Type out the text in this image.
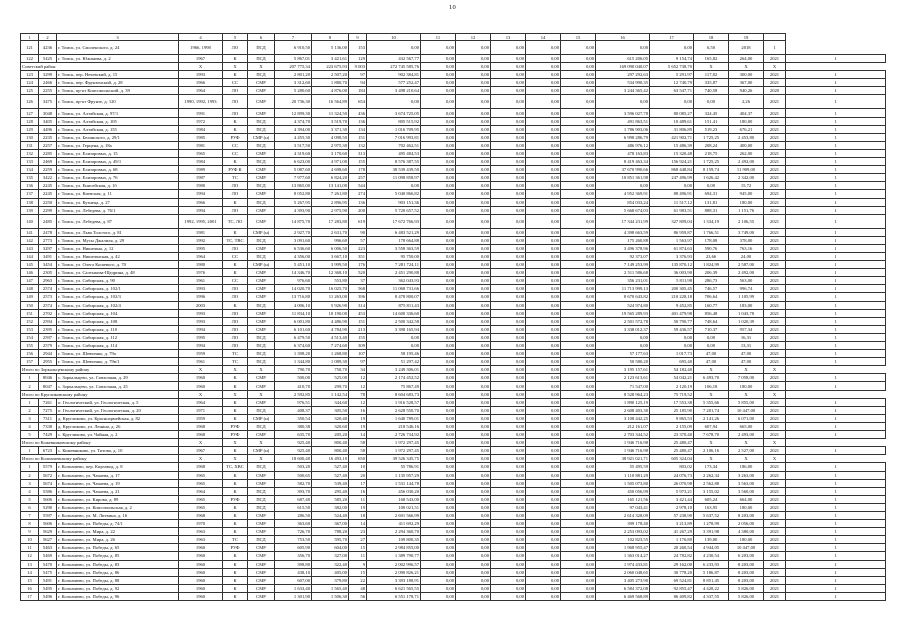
10
1	2	3	4	5	6	7	8	9	10	11	12	13	14	15	16	17	18	19		
121	4236	г. Томск, ул. Смоленского, д. 24	1966, 1998	ЛО	ПСД	6 910,50	5 136,00	153	0,00	0,00	0,00	0,00	0,00	0,00	0,00	0,00	6,50	2018	1	
122	5425	г. Томск, ул. Южанова, д. 2	1967	К	ПСД	5 867,01	3 421,61	129	432 567,77	0,00	0,00	0,00	0,00	0,00	615 206,05	9 154,74	165,82	264,00	2021	1
Советский район			Х	Х	Х	207 775,34	223 675,93	9 003	272 745 585,76	0,00	0,00	0,00	0,00	0,00	169 090 040,07	5 652 738,70	Х	Х	Х	
123	3299	г. Томск, пер. Нечевский, д. 15	1993	К	ПСД	2 801,20	2 507,20	97	902 384,81	0,00	0,00	0,00	0,00	0,00	297 292,63	5 291,97	117,82	300,00	2021	1
124	2466	г. Томск, пер. Фрунзенский, д. 28	1966	СС	СМР	3 312,60	1 880,70	94	577 252,47	0,00	0,00	0,00	0,00	0,00	534 990,35	12 740,79	335,87	367,00	2021	1
125	2255	г. Томск, пр-кт Комсомольский, д. 39	1964	ЛО	СМР	5 280,60	4 876,00	184	3 498 210,64	0,00	0,00	0,00	0,00	0,00	3 244 365,42	63 547,71	740,58	940,26	2020	1
126	3475	г. Томск, пр-кт Фрунзе, д. 120	1990, 1992, 1993	ЛО	СМР	20 736,30	16 564,89	654	0,00	0,00	0,00	0,00	0,00	0,00	0,00	0,00	0,00	2,26	2021	1
127	3048	г. Томск, ул. Алтайская, д. 97/1	1991	ЛО	СМР	12 899,30	11 324,50	436	3 674 725,05	0,00	0,00	0,00	0,00	0,00	3 596 027,78	80 085,27	324,45	404,37	2021	1
128	3405	г. Томск, ул. Алтайская, д. 105	1972	К	ПСД	4 374,70	3 519,70	136	805 515,92	0,00	0,00	0,00	0,00	0,00	491 863,51	10 489,61	151,41	180,00	2021	1
129	4496	г. Томск, ул. Алтайская, д. 155	1984	К	ПСД	4 394,00	3 371,30	134	1 016 709,95	0,00	0,00	0,00	0,00	0,00	1 786 903,06	31 806,89	519,23	676,21	2021	1
130	2235	г. Томск, ул. Белинского, д. 29/1	1985	РУФ	СМР (н)	4 455,30	4 098,50	151	7 016 993,81	0,00	0,00	0,00	0,00	0,00	6 998 286,79	421 902,71	1 725,25	2 453,80	2021	1
131	2257	г. Томск, ул. Герцена, д. 18а	1981	СС	ПСД	3 517,50	2 975,30	132	702 462,51	0,00	0,00	0,00	0,00	0,00	486 976,12	15 486,39	208,24	400,00	2021	1
132	2285	г. Томск, ул. Елизаровых, д. 15	1965	СС	СМР	4 319,60	3 170,60	313	495 484,53	0,00	0,00	0,00	0,00	0,00	478 163,83	15 320,48	218,75	262,00	2021	1
133	2469	г. Томск, ул. Елизаровых, д. 49/1	1984	К	ПСД	6 623,00	4 971,00	155	8 576 387,55	0,00	0,00	0,00	0,00	0,00	8 419 463,34	156 924,21	1 725,25	2 492,00	2021	1
134	2259	г. Томск, ул. Елизаровых, д. 68	1989	РУФ К	СМР	5 087,60	4 698,60	178	38 539 439,50	0,00	0,00	0,00	0,00	0,00	37 670 990,66	868 448,84	8 159,74	11 909,00	2021	1
135	3422	г. Томск, ул. Елизаровых, д. 76	1987	ТС	СМР	7 977,60	6 824,20	257	11 098 858,97	0,00	0,00	0,00	0,00	0,00	10 851 361,98	247 496,99	1 626,42	2 342,00	2021	1
136	2245	г. Томск, ул. Енисейская, д. 1б	1980	ЛО	ПСД	13 865,00	13 141,00	544	0,00	0,00	0,00	0,00	0,00	0,00	0,00	0,00	0,00	15,72	2021	1
137	2245	г. Томск, ул. Киевская, д. 11	1994	ЛО	СМР	8 052,80	7 261,80	274	5 040 866,82	0,00	0,00	0,00	0,00	0,00	4 952 369,91	88 496,91	694,31	945,00	2021	1
138	2250	г. Томск, ул. Кузнеца, д. 27	1966	К	ПСД	5 267,95	2 896,95	136	903 151,36	0,00	0,00	0,00	0,00	0,00	854 033,24	11 517,12	131,81	180,00	2021	1
139	2299	г. Томск, ул. Лебедева, д. 76/1	1994	ЛО	СМР	4 393,90	2 975,90	200	5 720 657,52	0,00	0,00	0,00	0,00	0,00	5 668 674,03	61 983,51	888,31	1 151,76	2021	1
140	2485	г. Томск, ул. Лебедева, д. 87	1992, 1995, 2001	ТС, ЛО	СМР	14 875,70	17 283,80	619	17 672 766,93	0,00	0,00	0,00	0,00	0,00	17 344 231,99	327 809,04	1 334,19	2 106,55	2021	1
141	2478	г. Томск, ул. Льва Толстого, д. 81	1981	К	СМР (н)	2 927,70	2 631,70	90	6 483 521,29	0,00	0,00	0,00	0,00	0,00	4 398 663,59	86 959,87	1 766,51	3 749,00	2021	1
142	2773	г. Томск, ул. Мусы Джалиля, д. 29	1992	ТС, ТВС	ПСД	3 091,60	996,60	57	178 664,88	0,00	0,00	0,00	0,00	0,00	175 260,88	1 563,97	178,08	378,00	2021	1
143	3297	г. Томск, ул. Никитина, д. 12	1995	ЛО	СМР	6 536,60	6 006,50	223	3 558 363,59	0,00	0,00	0,00	0,00	0,00	3 496 378,96	61 874,63	590,76	763,16	2021	1
144	3491	г. Томск, ул. Никитинская, д. 42	1964	СС	ПСД	4 356,00	3 667,10	351	95 750,00	0,00	0,00	0,00	0,00	0,00	92 373,07	3 376,93	23,66	24,00	2021	1
145	3454	г. Томск, ул. Олега Кошевого, д. 70	1980	К	СМР (н)	5 451,10	3 999,50	176	7 281 724,11	0,00	0,00	0,00	0,00	0,00	7 149 253,99	135 870,12	1 824,99	2 587,00	2021	1
146	2305	г. Томск, ул. Салтыкова-Щедрина, д. 48	1976	К	СМР	14 346,70	12 368,10	520	2 451 290,88	0,00	0,00	0,00	0,00	0,00	2 511 586,68	36 003,90	206,39	2 492,00	2021	1
147	2963	г. Томск, ул. Сибирская, д. 90	1961	СС	СМР	976,60	553,80	37	362 043,93	0,00	0,00	0,00	0,00	0,00	356 231,01	5 811,98	286,73	563,00	2021	1
148	2574	г. Томск, ул. Сибирская, д. 102/1	1993	ЛО	СМР	14 020,70	16 025,70	568	11 068 731,66	0,00	0,00	0,00	0,00	0,00	11 713 999,13	200 305,45	746,57	996,74	2021	1
149	2573	г. Томск, ул. Сибирская, д. 102/3	1996	ЛО	СМР	13 716,80	11 263,00	396	8 478 800,07	0,00	0,00	0,00	0,00	0,00	8 670 643,82	210 228,18	706,64	1 105,99	2021	1
150	2574	г. Томск, ул. Сибирская, д. 102/4	2003	К	ПСД	4 006,10	5 926,90	314	875 811,43	0,00	0,00	0,00	0,00	0,00	524 974,80	9 452,85	160,77	183,00	2021	1
151	2702	г. Томск, ул. Сибирская, д. 104	1993	ЛО	СМР	11 834,10	10 190,00	453	14 600 336,60	0,00	0,00	0,00	0,00	0,00	19 565 289,93	401 479,98	856,48	1 043,78	2021	1
152	2594	г. Томск, ул. Сибирская, д. 108	1993	ЛО	СМР	6 001,80	4 486,90	151	2 500 342,58	0,00	0,00	0,00	0,00	0,00	2 501 572,78	50 790,77	748,64	1 020,39	2021	1
153	2395	г. Томск, ул. Сибирская, д. 110	1994	ЛО	СМР	6 101,60	4 784,90	213	3 398 165,94	0,00	0,00	0,00	0,00	0,00	3 338 012,37	59 436,57	710,37	957,34	2021	1
154	2597	г. Томск, ул. Сибирская, д. 112	1995	ЛО	ПСД	6 479,50	4 513,40	155	0,00	0,00	0,00	0,00	0,00	0,00	0,00	0,00	0,00	16,31	2021	1
155	2579	г. Томск, ул. Сибирская, д. 114	1994	ЛО	ПСД	6 374,60	7 274,60	309	0,00	0,00	0,00	0,00	0,00	0,00	0,00	0,00	0,00	13,31	2021	1
156	2944	г. Томск, ул. Шевченко, д. 79а	1959	ТС	ПСД	1 398,20	1 268,80	107	58 195,46	0,00	0,00	0,00	0,00	0,00	57 177,63	1 017,73	47,00	47,00	2021	1
157	2955	г. Томск, ул. Шевченко, д. 79в/1	1961	ТС	ПСД	1 344,80	1 089,30	97	51 297,42	0,00	0,00	0,00	0,00	0,00	50 580,20	695,40	47,00	47,00	2021	1
Итого по Зоркальцевскому району			Х	Х	Х	790,70	750,70	34	3 249 306,01	0,00	0,00	0,00	0,00	0,00	3 195 157,61	54 182,40	Х	Х	Х	
1	8046	с. Зоркальцево, ул. Совхозная, д. 29	1960	К	СМР	500,00	525,00	12	2 174 452,52	0,00	0,00	0,00	0,00	0,00	2 123 613,61	54 042,21	6 493,70	7 058,00	2021	1
2	8047	с. Зоркальцево, ул. Совхозная, д. 25	1960	К	СМР	410,70	299,70	12	75 867,49	0,00	0,00	0,00	0,00	0,00	71 547,00	2 120,19	106,18	180,00	2021	1
Итого по Кругликовскому району			Х	Х	Х	2 592,85	1 142,54	78	8 604 683,73	0,00	0,00	0,00	0,00	0,00	8 528 964,23	75 719,52	Х	Х	Х	
1	7261	п. Геологический, ул. Геологическая, д. 5	1964	К	СМР	976,51	344,60	12	1 916 528,57	0,00	0,00	0,00	0,00	0,00	1 890 125,19	17 553,38	5 355,66	5 855,00	2021	1
2	7275	п. Геологический, ул. Геологическая, д. 20	1971	К	ПСД	408,37	305,50	16	2 628 550,70	0,00	0,00	0,00	0,00	0,00	2 608 403,30	25 185,90	7 201,74	10 447,00	2021	1
3	7311	д. Кругликово, ул. Красноармейская, д. 82	1959	К	СМР (н)	350,54	320,40	19	1 640 789,01	0,00	0,00	0,00	0,00	0,00	3 108 442,25	9 865,53	2 141,26	6 071,00	2021	1
4	7338	д. Кругликово, ул. Ленина, д. 26	1968	РУФ	ПСД	380,38	320,60	19	218 546,16	0,00	0,00	0,00	0,00	0,00	212 161,07	2 155,09	607,94	665,00	2021	1
5	7429	с. Кругликово, ул. Чайная, д. 2	1968	РУФ	СМР	635,70	205,20	14	2 726 734,92	0,00	0,00	0,00	0,00	0,00	2 703 344,52	23 370,40	7 678,70	2 493,00	2021	1
Итого по Кожевниковскому району			Х	Х	Х	925,40	800,40	58	1 972 297,45	0,00	0,00	0,00	0,00	0,00	1 946 716,98	25 480,47	Х	Х	Х	
1	6723	с. Кожевниково, ул. Титова, д. 10	1967	К	СМР (н)	925,40	800,40	58	1 972 297,45	0,00	0,00	0,00	0,00	0,00	1 946 716,98	25 480,47	2 106,16	2 527,00	2021	1
Итого по Колпашевскому району			Х	Х	Х	18 600,40	16 493,10	650	39 526 345,75	0,00	0,00	0,00	0,00	0,00	38 921 021,71	605 324,04	Х	Х	Х	
1	5579	г. Колпашево, пер. Кирзавод, д. 8	1968	ТС, ХВС	ПСД	503,20	527,40	10	55 786,91	0,00	0,00	0,00	0,00	0,00	55 495,59	803,02	173,34	186,00	2021	1
2	5672	г. Колпашево, ул. Чапаева, д. 17	1965	К	СМР	500,65	527,40	20	1 135 957,29	0,00	0,00	0,00	0,00	0,00	1 110 881,29	24 076,73	2 262,34	3 263,00	2021	1
3	5674	г. Колпашево, ул. Чапаева, д. 19	1965	К	СМР	582,70	539,40	17	1 531 144,78	0,00	0,00	0,00	0,00	0,00	1 505 073,80	26 070,98	2 562,88	3 563,00	2021	1
4	5586	г. Колпашево, ул. Чапаева, д. 21	1964	К	ПСД	393,70	295,40	16	456 030,20	0,00	0,00	0,00	0,00	0,00	450 056,99	5 973,21	3 155,02	3 560,00	2021	1
5	5606	г. Колпашево, ул. Кирова, д. 89	1965	РУФ	ПСД	687,40	585,20	11	168 543,00	0,00	0,00	0,00	0,00	0,00	165 121,56	3 421,44	605,24	664,00	2021	1
6	5290	г. Колпашево, ул. Комсомольская, д. 2	1965	К	ПСД	615,50	382,00	19	100 021,51	0,00	0,00	0,00	0,00	0,00	97 043,41	2 978,10	163,95	180,00	2021	1
7	5597	г. Колпашево, ул. М. Литвина, д. 16	1968	К	СМР	286,50	524,40	18	2 691 566,99	0,00	0,00	0,00	0,00	0,00	2 614 328,09	57 238,90	5 637,52	8 203,00	2021	1
8	5606	г. Колпашево, ул. Победы, д. 74/1	1970	К	СМР	363,60	367,00	14	411 692,29	0,00	0,00	0,00	0,00	0,00	399 178,40	3 213,89	1 278,99	2 056,00	2021	1
9	5629	г. Колпашево, ул. Мира, д. 22	1963	К	СМР	726,70	788,20	23	2 294 360,70	0,00	0,00	0,00	0,00	0,00	2 253 093,02	41 267,29	3 391,98	4 380,00	2021	1
10	5627	г. Колпашево, ул. Мира, д. 26	1963	ТС	ПСД	753,50	595,70	27	109 800,35	0,00	0,00	0,00	0,00	0,00	102 823,55	1 176,80	139,00	180,00	2021	1
11	5463	г. Колпашево, ул. Победы, д. 65	1960	РУФ	СМР	605,90	604,00	15	2 984 855,00	0,00	0,00	0,00	0,00	0,00	1 968 955,47	20 260,54	4 944,05	10 447,00	2021	1
12	5469	г. Колпашево, ул. Победы, д. 85	1960	К	СМР	356,70	327,00	11	1 389 790,77	0,00	0,00	0,00	0,00	0,00	1 363 014,27	24 782,82	4 230,54	6 203,00	2021	1
13	5470	г. Колпашево, ул. Победы, д. 83	1960	К	СМР	398,80	322,40	9	2 002 996,57	0,00	0,00	0,00	0,00	0,00	1 974 433,81	29 162,00	6 233,93	8 203,00	2021	1
14	5475	г. Колпашево, ул. Победы, д. 86	1960	К	СМР	438,10	405,00	15	2 090 826,21	0,00	0,00	0,00	0,00	0,00	2 060 048,65	30 778,20	5 186,87	8 203,00	2021	1
15	5491	г. Колпашево, ул. Победы, д. 88	1960	К	СМР	607,00	379,80	22	3 393 188,91	0,00	0,00	0,00	0,00	0,00	3 405 273,90	69 524,81	8 851,45	8 203,00	2021	1
16	5495	г. Колпашево, ул. Победы, д. 92	1960	К	СМР	1 633,40	1 565,40	48	6 621 565,55	0,00	0,00	0,00	0,00	0,00	6 584 372,08	92 855,47	4 428,22	5 826,00	2021	1
17	5496	г. Колпашево, ул. Победы, д. 96	1960	К	СМР	1 301,90	1 506,30	56	6 551 178,71	0,00	0,00	0,00	0,00	0,00	6 469 568,89	86 409,82	4 337,55	5 826,00	2021	1
